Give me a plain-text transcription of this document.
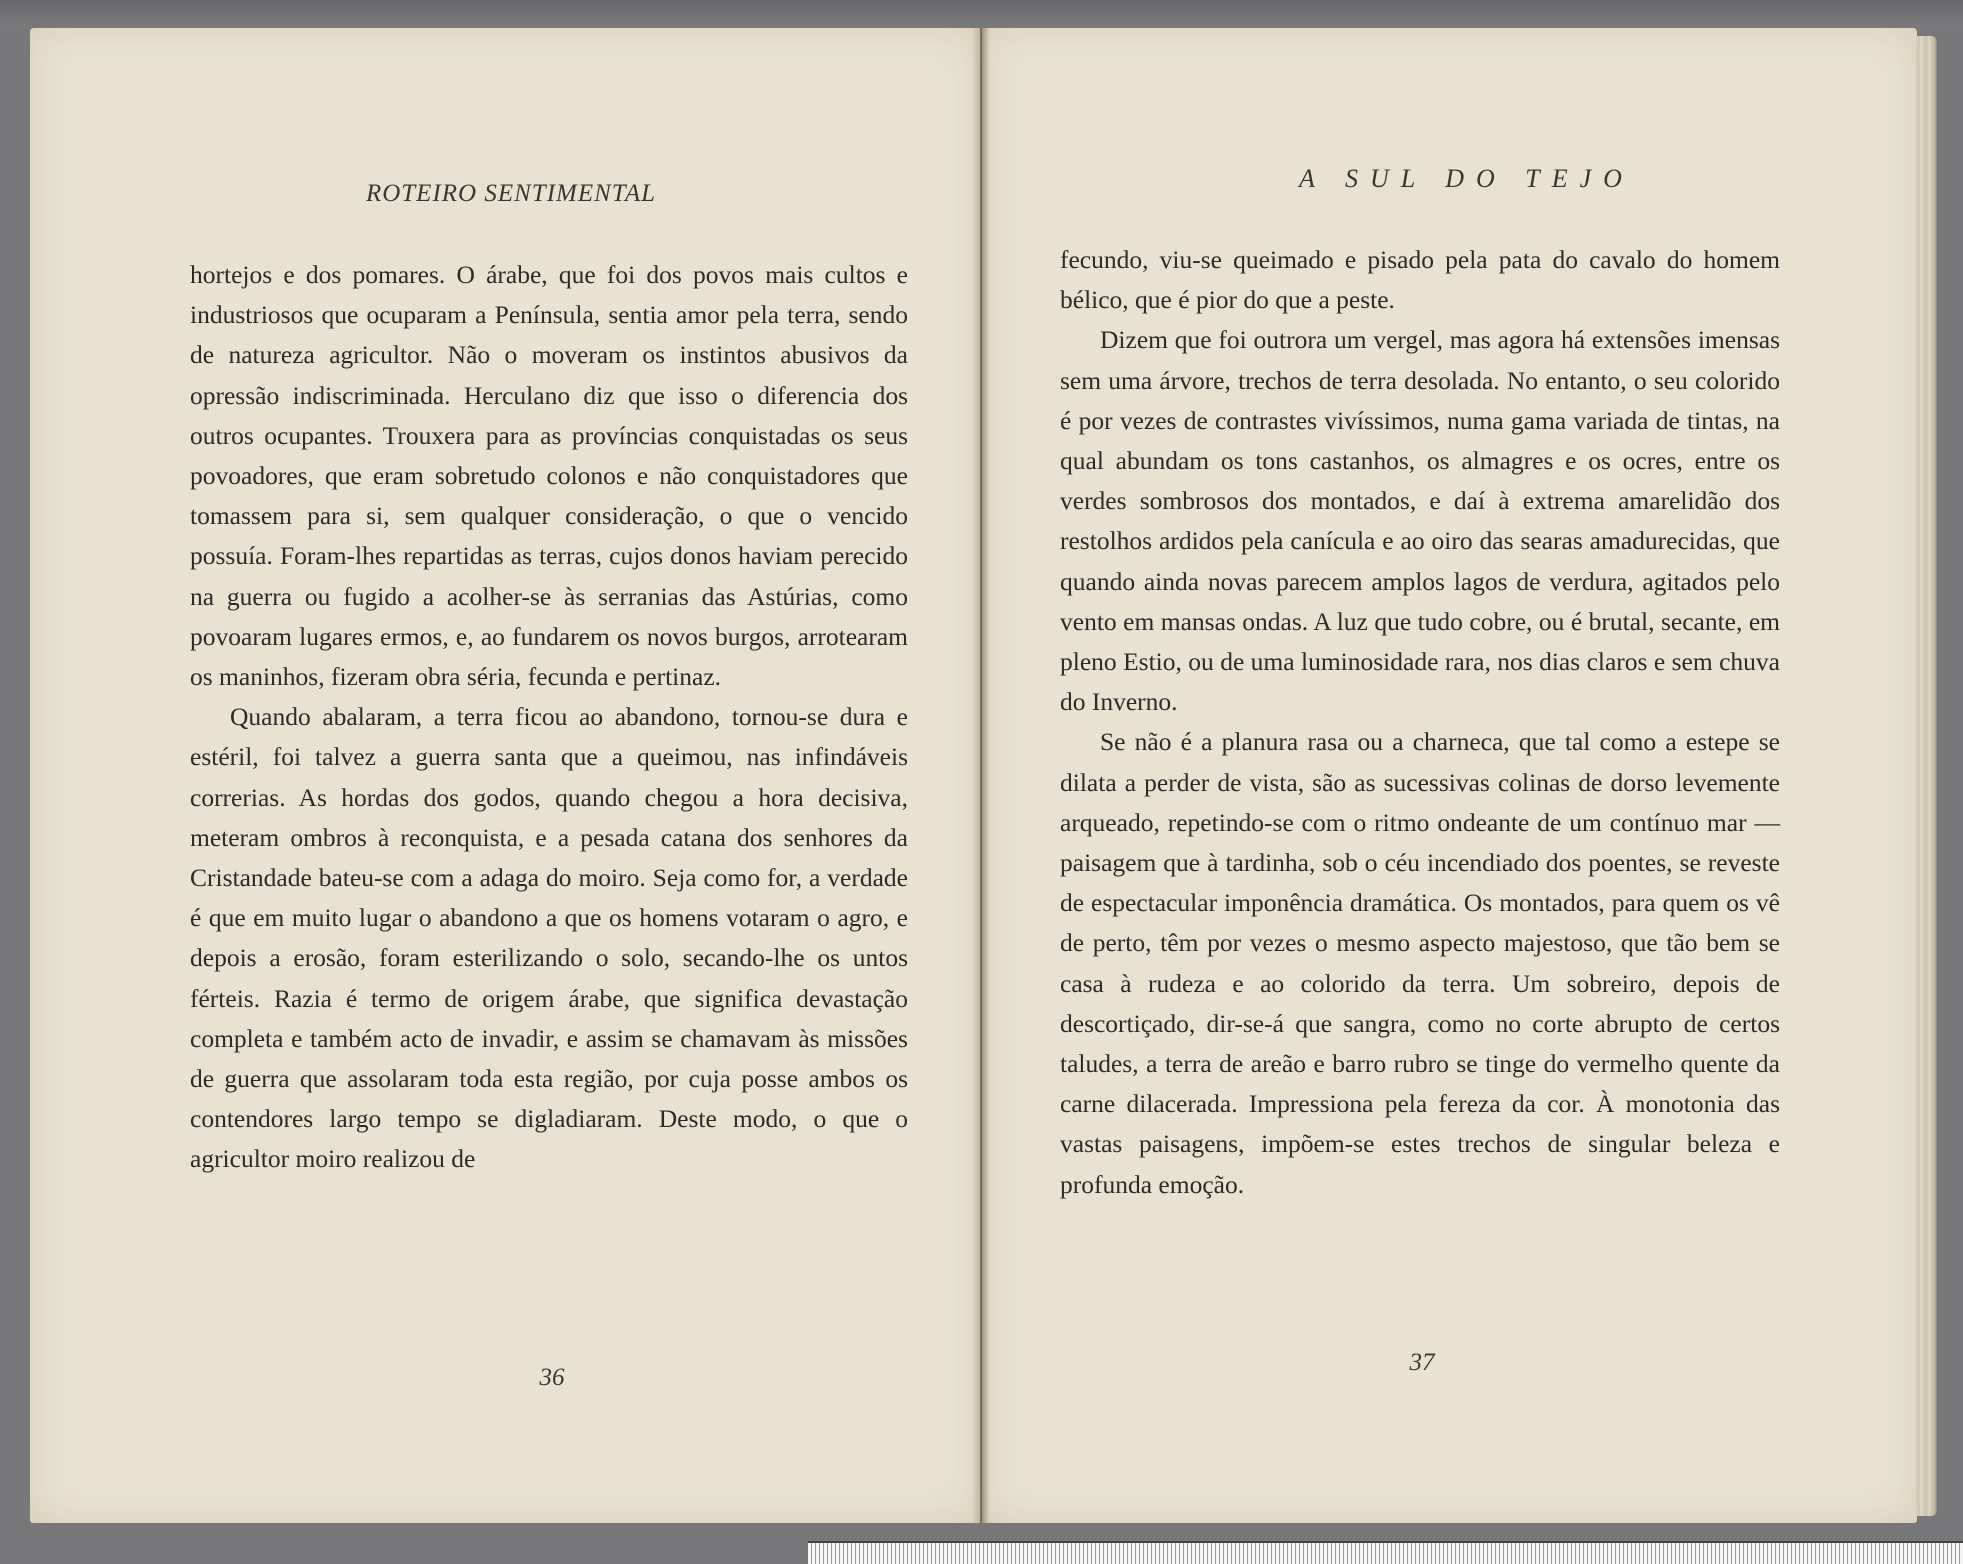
ROTEIRO SENTIMENTAL

hortejos e dos pomares. O árabe, que foi dos povos mais cultos e industriosos que ocuparam a Península, sentia amor pela terra, sendo de natureza agricultor. Não o moveram os instintos abusivos da opressão indiscriminada. Herculano diz que isso o diferencia dos outros ocupantes. Trouxera para as províncias conquistadas os seus povoadores, que eram sobretudo colonos e não conquistadores que tomassem para si, sem qualquer consideração, o que o vencido possuía. Foram-lhes repartidas as terras, cujos donos haviam perecido na guerra ou fugido a acolher-se às serranias das Astúrias, como povoaram lugares ermos, e, ao fundarem os novos burgos, arrotearam os maninhos, fizeram obra séria, fecunda e pertinaz.

Quando abalaram, a terra ficou ao abandono, tornou-se dura e estéril, foi talvez a guerra santa que a queimou, nas infindáveis correrias. As hordas dos godos, quando chegou a hora decisiva, meteram ombros à reconquista, e a pesada catana dos senhores da Cristandade bateu-se com a adaga do moiro. Seja como for, a verdade é que em muito lugar o abandono a que os homens votaram o agro, e depois a erosão, foram esterilizando o solo, secando-lhe os untos férteis. Razia é termo de origem árabe, que significa devastação completa e também acto de invadir, e assim se chamavam às missões de guerra que assolaram toda esta região, por cuja posse ambos os contendores largo tempo se digladiaram. Deste modo, o que o agricultor moiro realizou de

36
A SUL DO TEJO

fecundo, viu-se queimado e pisado pela pata do cavalo do homem bélico, que é pior do que a peste.

Dizem que foi outrora um vergel, mas agora há extensões imensas sem uma árvore, trechos de terra desolada. No entanto, o seu colorido é por vezes de contrastes vivíssimos, numa gama variada de tintas, na qual abundam os tons castanhos, os almagres e os ocres, entre os verdes sombrosos dos montados, e daí à extrema amarelidão dos restolhos ardidos pela canícula e ao oiro das searas amadurecidas, que quando ainda novas parecem amplos lagos de verdura, agitados pelo vento em mansas ondas. A luz que tudo cobre, ou é brutal, secante, em pleno Estio, ou de uma luminosidade rara, nos dias claros e sem chuva do Inverno.

Se não é a planura rasa ou a charneca, que tal como a estepe se dilata a perder de vista, são as sucessivas colinas de dorso levemente arqueado, repetindo-se com o ritmo ondeante de um contínuo mar — paisagem que à tardinha, sob o céu incendiado dos poentes, se reveste de espectacular imponência dramática. Os montados, para quem os vê de perto, têm por vezes o mesmo aspecto majestoso, que tão bem se casa à rudeza e ao colorido da terra. Um sobreiro, depois de descortiçado, dir-se-á que sangra, como no corte abrupto de certos taludes, a terra de areão e barro rubro se tinge do vermelho quente da carne dilacerada. Impressiona pela fereza da cor. À monotonia das vastas paisagens, impõem-se estes trechos de singular beleza e profunda emoção.

37
